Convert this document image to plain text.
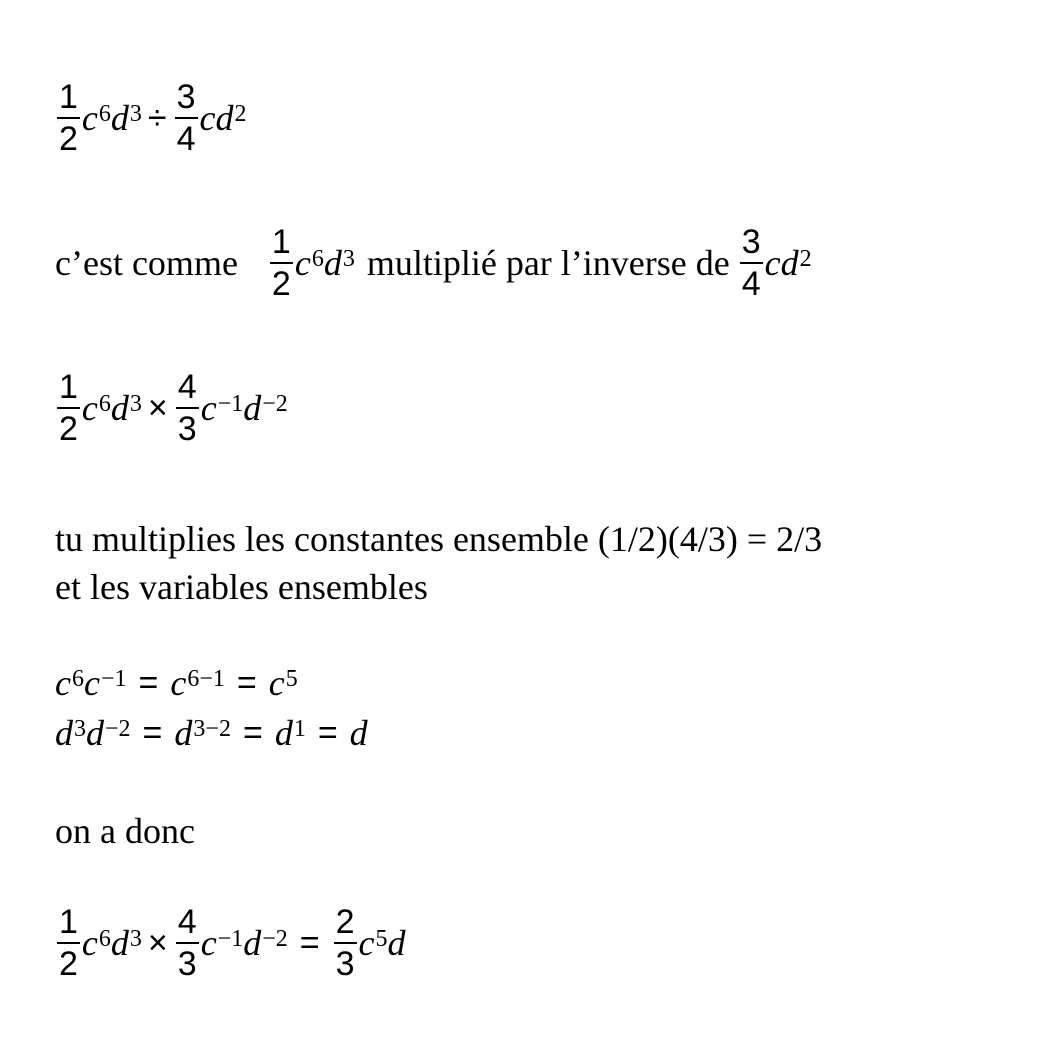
$\frac{1}{2} c^6$ $d^3 \div \frac{3}{4}$ c $d^2$
c’est comme $\frac{1}{2} c^6$ $d^3$ multiplié par l’inverse de $\frac{3}{4}$ c $d^2$
$\frac{1}{2} c^6$ $d^3 \times \frac{4}{3} c^{-1}$ $d^{-2}$
tu multiplies les constantes ensemble (1/2)(4/3) = 2/3
et les variables ensembles
$c^6$ $c^{-1} = c^{6-1} = c^5$
$d^3$ $d^{-2} = d^{3-2} = d^1 = d$
on a donc
$\frac{1}{2} c^6$ $d^3 \times \frac{4}{3} c^{-1}$ $d^{-2} = \frac{2}{3} c^5$ d
